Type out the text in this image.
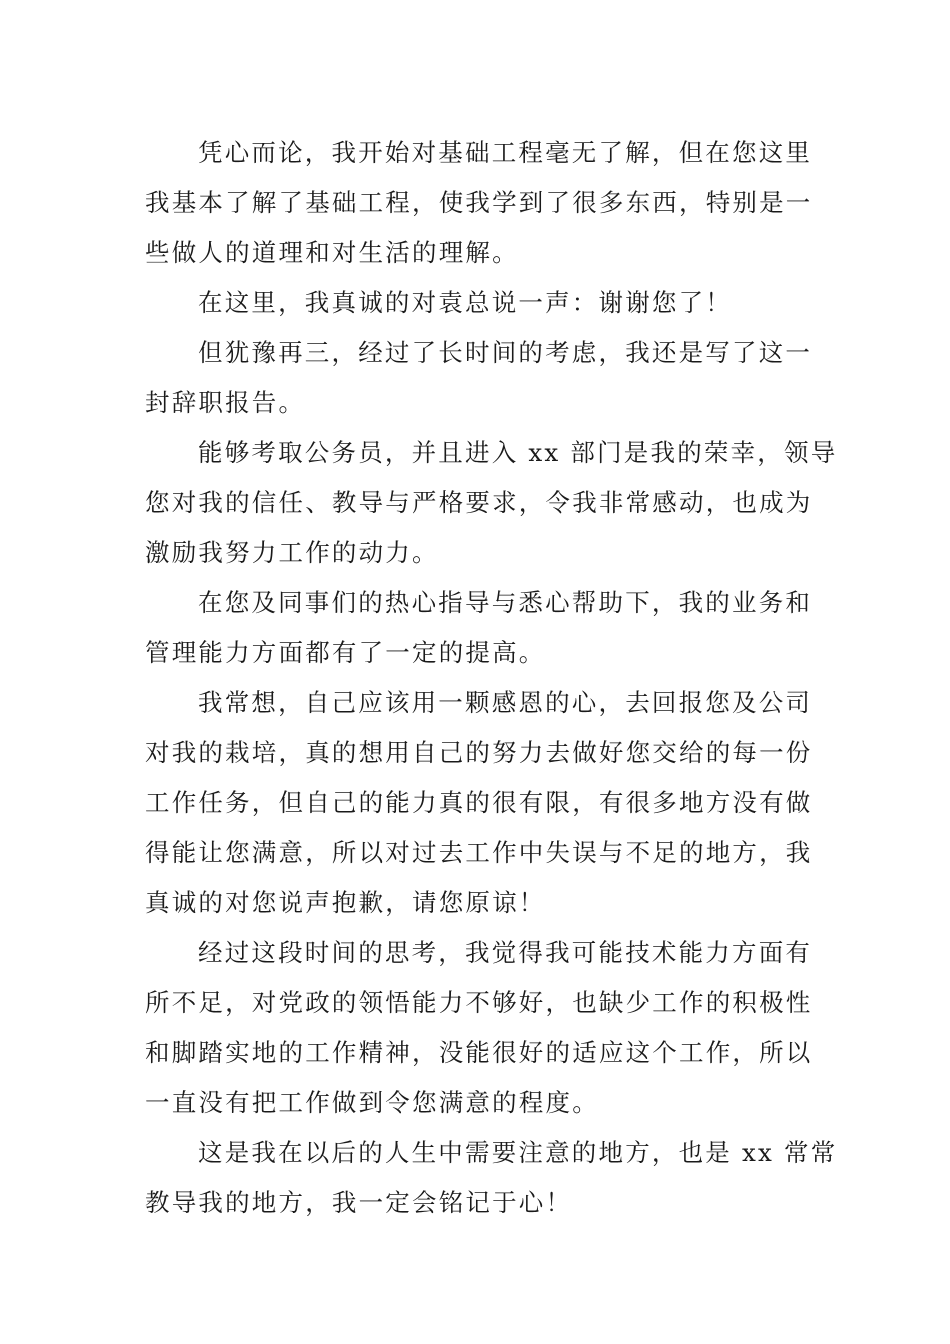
凭心而论，我开始对基础工程毫无了解，但在您这里
我基本了解了基础工程，使我学到了很多东西，特别是一
些做人的道理和对生活的理解。

在这里，我真诚的对袁总说一声：谢谢您了！

但犹豫再三，经过了长时间的考虑，我还是写了这一
封辞职报告。

能够考取公务员，并且进入 xx 部门是我的荣幸，领导
您对我的信任、教导与严格要求，令我非常感动，也成为
激励我努力工作的动力。

在您及同事们的热心指导与悉心帮助下，我的业务和
管理能力方面都有了一定的提高。

我常想，自己应该用一颗感恩的心，去回报您及公司
对我的栽培，真的想用自己的努力去做好您交给的每一份
工作任务，但自己的能力真的很有限，有很多地方没有做
得能让您满意，所以对过去工作中失误与不足的地方，我
真诚的对您说声抱歉，请您原谅！

经过这段时间的思考，我觉得我可能技术能力方面有
所不足，对党政的领悟能力不够好，也缺少工作的积极性
和脚踏实地的工作精神，没能很好的适应这个工作，所以
一直没有把工作做到令您满意的程度。

这是我在以后的人生中需要注意的地方，也是 xx 常常
教导我的地方，我一定会铭记于心！
